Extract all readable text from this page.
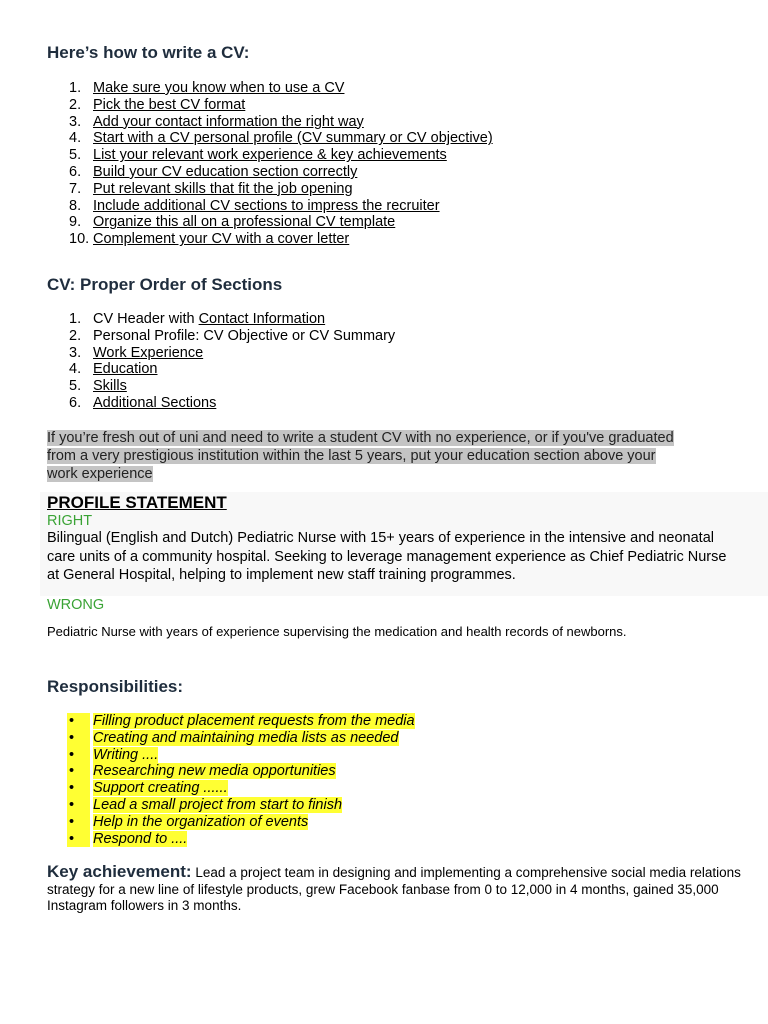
Here’s how to write a CV:
1. Make sure you know when to use a CV
2. Pick the best CV format
3. Add your contact information the right way
4. Start with a CV personal profile (CV summary or CV objective)
5. List your relevant work experience & key achievements
6. Build your CV education section correctly
7. Put relevant skills that fit the job opening
8. Include additional CV sections to impress the recruiter
9. Organize this all on a professional CV template
10. Complement your CV with a cover letter
CV: Proper Order of Sections
1. CV Header with Contact Information
2. Personal Profile: CV Objective or CV Summary
3. Work Experience
4. Education
5. Skills
6. Additional Sections
If you’re fresh out of uni and need to write a student CV with no experience, or if you've graduated
from a very prestigious institution within the last 5 years, put your education section above your
work experience
PROFILE STATEMENT
RIGHT
Bilingual (English and Dutch) Pediatric Nurse with 15+ years of experience in the intensive and neonatal
care units of a community hospital. Seeking to leverage management experience as Chief Pediatric Nurse
at General Hospital, helping to implement new staff training programmes.
WRONG
Pediatric Nurse with years of experience supervising the medication and health records of newborns.
Responsibilities:
•	Filling product placement requests from the media
•	Creating and maintaining media lists as needed
•	Writing ....
•	Researching new media opportunities
•	Support creating ......
•	Lead a small project from start to finish
•	Help in the organization of events
•	Respond to ....
Key achievement: Lead a project team in designing and implementing a comprehensive social media relations strategy for a new line of lifestyle products, grew Facebook fanbase from 0 to 12,000 in 4 months, gained 35,000 Instagram followers in 3 months.
